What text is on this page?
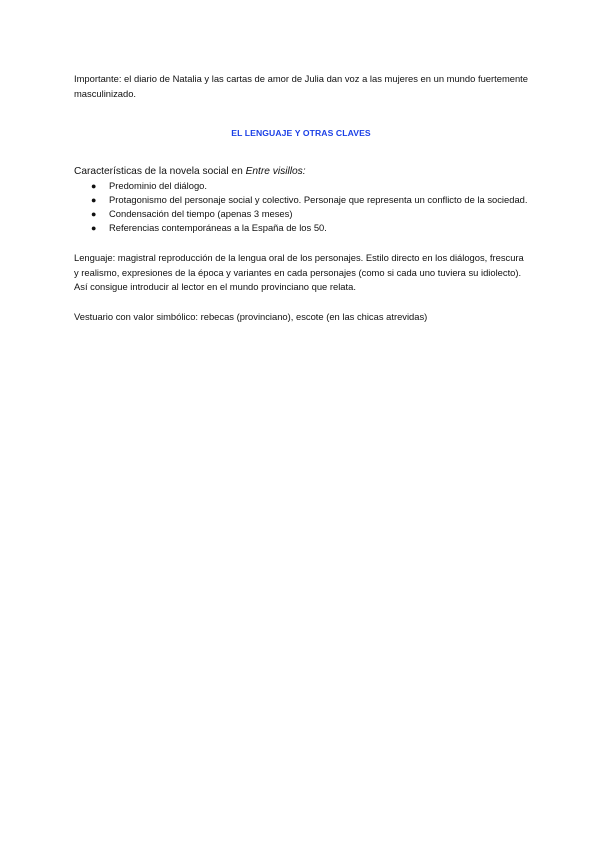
Importante: el diario de Natalia y las cartas de amor de Julia dan voz a las mujeres en un mundo fuertemente masculinizado.

EL LENGUAJE Y OTRAS CLAVES

Características de la novela social en Entre visillos:

● Predominio del diálogo.
● Protagonismo del personaje social y colectivo. Personaje que representa un conflicto de la sociedad.
● Condensación del tiempo (apenas 3 meses)
● Referencias contemporáneas a la España de los 50.

Lenguaje: magistral reproducción de la lengua oral de los personajes. Estilo directo en los diálogos, frescura y realismo, expresiones de la época y variantes en cada personajes (como si cada uno tuviera su idiolecto). Así consigue introducir al lector en el mundo provinciano que relata.

Vestuario con valor simbólico: rebecas (provinciano), escote (en las chicas atrevidas)
